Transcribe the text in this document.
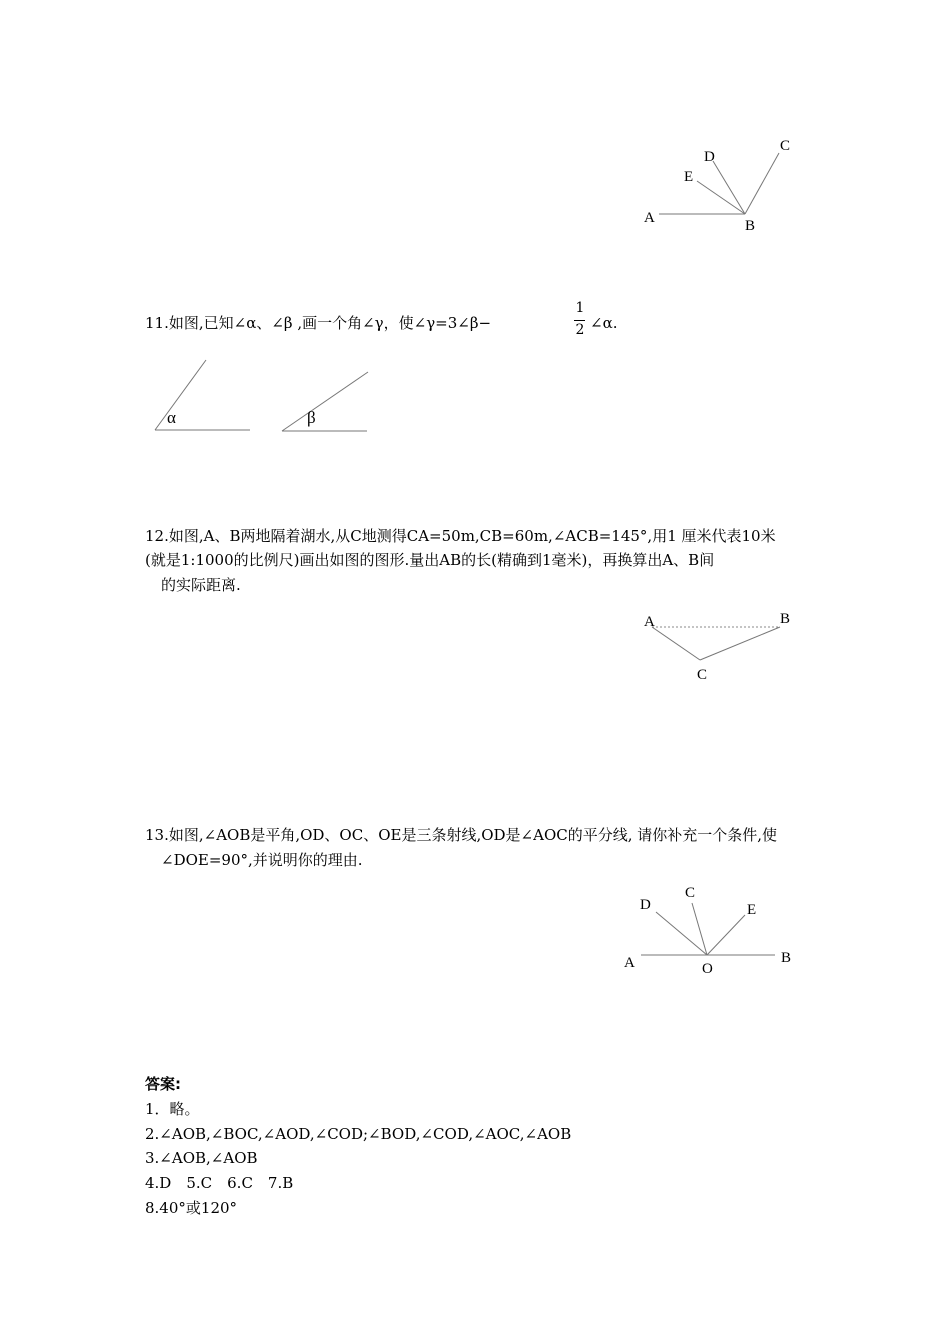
A	B
C
D
E
11.如图,已知∠α、∠β ,画一个角∠γ，使∠γ=3∠β−
1
2 ∠α.
α	β
12.如图,A、B两地隔着湖水,从C地测得CA=50m,CB=60m,∠ACB=145°,用1 厘米代表10米
(就是1:1000的比例尺)画出如图的图形.量出AB的长(精确到1毫米)，再换算出A、B间
的实际距离.
A	B
C
13.如图,∠AOB是平角,OD、OC、OE是三条射线,OD是∠AOC的平分线, 请你补充一个条件,使
∠DOE=90°,并说明你的理由.
A	B
C
D	E
O
答案:
1．略。
2.∠AOB,∠BOC,∠AOD,∠COD;∠BOD,∠COD,∠AOC,∠AOB
3.∠AOB,∠AOB
4.D　5.C　6.C　7.B
8.40°或120°
